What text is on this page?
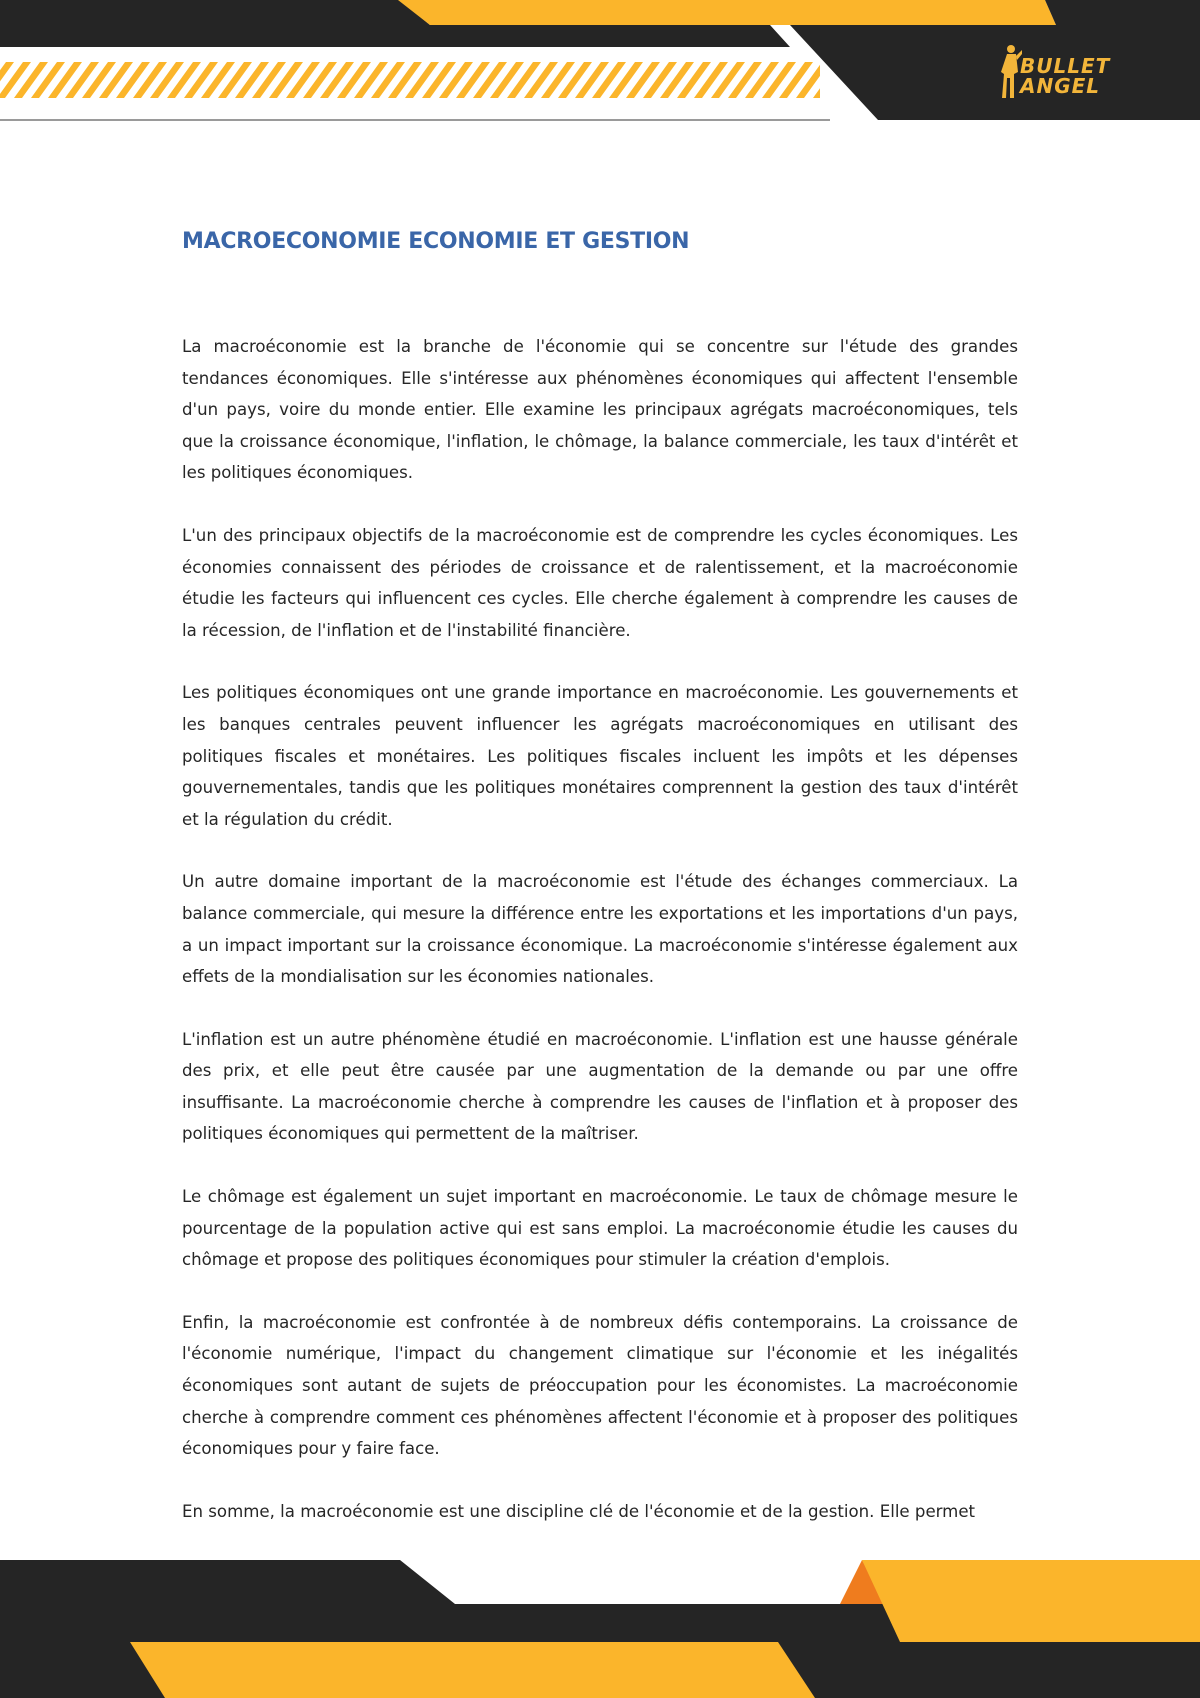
BULLET
ANGEL
MACROECONOMIE ECONOMIE ET GESTION

La macroéconomie est la branche de l'économie qui se concentre sur l'étude des grandes tendances économiques. Elle s'intéresse aux phénomènes économiques qui affectent l'ensemble d'un pays, voire du monde entier. Elle examine les principaux agrégats macroéconomiques, tels que la croissance économique, l'inflation, le chômage, la balance commerciale, les taux d'intérêt et les politiques économiques.

L'un des principaux objectifs de la macroéconomie est de comprendre les cycles économiques. Les économies connaissent des périodes de croissance et de ralentissement, et la macroéconomie étudie les facteurs qui influencent ces cycles. Elle cherche également à comprendre les causes de la récession, de l'inflation et de l'instabilité financière.

Les politiques économiques ont une grande importance en macroéconomie. Les gouvernements et les banques centrales peuvent influencer les agrégats macroéconomiques en utilisant des politiques fiscales et monétaires. Les politiques fiscales incluent les impôts et les dépenses gouvernementales, tandis que les politiques monétaires comprennent la gestion des taux d'intérêt et la régulation du crédit.

Un autre domaine important de la macroéconomie est l'étude des échanges commerciaux. La balance commerciale, qui mesure la différence entre les exportations et les importations d'un pays, a un impact important sur la croissance économique. La macroéconomie s'intéresse également aux effets de la mondialisation sur les économies nationales.

L'inflation est un autre phénomène étudié en macroéconomie. L'inflation est une hausse générale des prix, et elle peut être causée par une augmentation de la demande ou par une offre insuffisante. La macroéconomie cherche à comprendre les causes de l'inflation et à proposer des politiques économiques qui permettent de la maîtriser.

Le chômage est également un sujet important en macroéconomie. Le taux de chômage mesure le pourcentage de la population active qui est sans emploi. La macroéconomie étudie les causes du chômage et propose des politiques économiques pour stimuler la création d'emplois.

Enfin, la macroéconomie est confrontée à de nombreux défis contemporains. La croissance de l'économie numérique, l'impact du changement climatique sur l'économie et les inégalités économiques sont autant de sujets de préoccupation pour les économistes. La macroéconomie cherche à comprendre comment ces phénomènes affectent l'économie et à proposer des politiques économiques pour y faire face.

En somme, la macroéconomie est une discipline clé de l'économie et de la gestion. Elle permet
